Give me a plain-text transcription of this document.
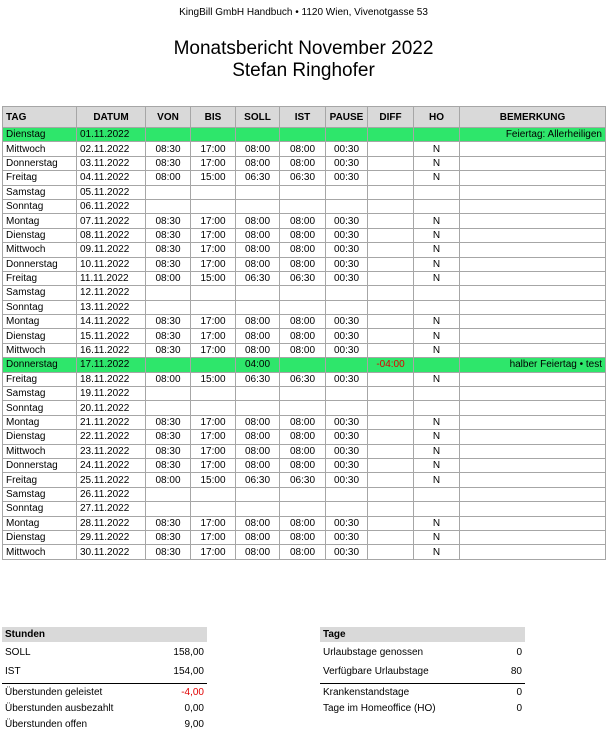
KingBill GmbH Handbuch • 1120 Wien, Vivenotgasse 53
Monatsbericht November 2022
Stefan Ringhofer
TAG	DATUM	VON	BIS	SOLL	IST	PAUSE	DIFF	HO	BEMERKUNG
Dienstag	01.11.2022								Feiertag: Allerheiligen
Mittwoch	02.11.2022	08:30	17:00	08:00	08:00	00:30		N	
Donnerstag	03.11.2022	08:30	17:00	08:00	08:00	00:30		N	
Freitag	04.11.2022	08:00	15:00	06:30	06:30	00:30		N	
Samstag	05.11.2022								
Sonntag	06.11.2022								
Montag	07.11.2022	08:30	17:00	08:00	08:00	00:30		N	
Dienstag	08.11.2022	08:30	17:00	08:00	08:00	00:30		N	
Mittwoch	09.11.2022	08:30	17:00	08:00	08:00	00:30		N	
Donnerstag	10.11.2022	08:30	17:00	08:00	08:00	00:30		N	
Freitag	11.11.2022	08:00	15:00	06:30	06:30	00:30		N	
Samstag	12.11.2022								
Sonntag	13.11.2022								
Montag	14.11.2022	08:30	17:00	08:00	08:00	00:30		N	
Dienstag	15.11.2022	08:30	17:00	08:00	08:00	00:30		N	
Mittwoch	16.11.2022	08:30	17:00	08:00	08:00	00:30		N	
Donnerstag	17.11.2022			04:00			-04:00		halber Feiertag • test
Freitag	18.11.2022	08:00	15:00	06:30	06:30	00:30		N	
Samstag	19.11.2022								
Sonntag	20.11.2022								
Montag	21.11.2022	08:30	17:00	08:00	08:00	00:30		N	
Dienstag	22.11.2022	08:30	17:00	08:00	08:00	00:30		N	
Mittwoch	23.11.2022	08:30	17:00	08:00	08:00	00:30		N	
Donnerstag	24.11.2022	08:30	17:00	08:00	08:00	00:30		N	
Freitag	25.11.2022	08:00	15:00	06:30	06:30	00:30		N	
Samstag	26.11.2022								
Sonntag	27.11.2022								
Montag	28.11.2022	08:30	17:00	08:00	08:00	00:30		N	
Dienstag	29.11.2022	08:30	17:00	08:00	08:00	00:30		N	
Mittwoch	30.11.2022	08:30	17:00	08:00	08:00	00:30		N	
Stunden
SOLL	158,00
IST	154,00
Überstunden geleistet	-4,00
Überstunden ausbezahlt	0,00
Überstunden offen	9,00
Tage
Urlaubstage genossen	0
Verfügbare Urlaubstage	80
Krankenstandstage	0
Tage im Homeoffice (HO)	0
